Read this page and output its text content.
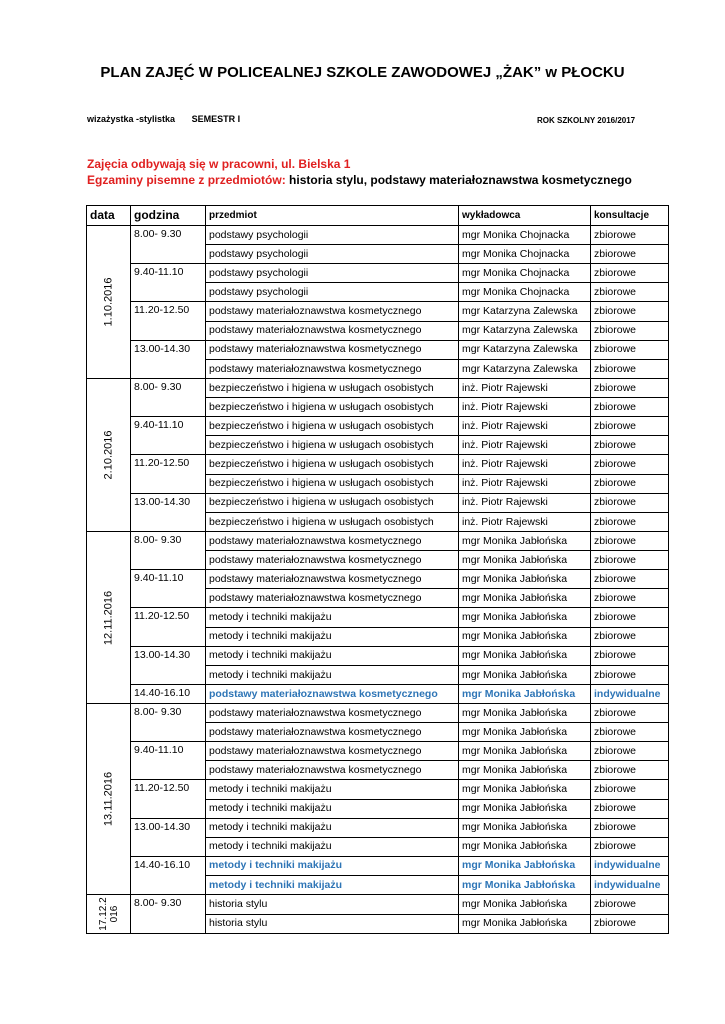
PLAN ZAJĘĆ W POLICEALNEJ SZKOLE ZAWODOWEJ „ŻAK” w PŁOCKU
wizażystka -stylistka SEMESTR I	ROK SZKOLNY 2016/2017
Zajęcia odbywają się w pracowni, ul. Bielska 1
Egzaminy pisemne z przedmiotów: historia stylu, podstawy materiałoznawstwa kosmetycznego
data	godzina	przedmiot	wykładowca	konsultacje

1.10.2016	8.00- 9.30	podstawy psychologii	mgr Monika Chojnacka	zbiorowe
		podstawy psychologii	mgr Monika Chojnacka	zbiorowe
	9.40-11.10	podstawy psychologii	mgr Monika Chojnacka	zbiorowe
		podstawy psychologii	mgr Monika Chojnacka	zbiorowe
	11.20-12.50	podstawy materiałoznawstwa kosmetycznego	mgr Katarzyna Zalewska	zbiorowe
		podstawy materiałoznawstwa kosmetycznego	mgr Katarzyna Zalewska	zbiorowe
	13.00-14.30	podstawy materiałoznawstwa kosmetycznego	mgr Katarzyna Zalewska	zbiorowe
		podstawy materiałoznawstwa kosmetycznego	mgr Katarzyna Zalewska	zbiorowe

2.10.2016	8.00- 9.30	bezpieczeństwo i higiena w usługach osobistych	inż. Piotr Rajewski	zbiorowe
		bezpieczeństwo i higiena w usługach osobistych	inż. Piotr Rajewski	zbiorowe
	9.40-11.10	bezpieczeństwo i higiena w usługach osobistych	inż. Piotr Rajewski	zbiorowe
		bezpieczeństwo i higiena w usługach osobistych	inż. Piotr Rajewski	zbiorowe
	11.20-12.50	bezpieczeństwo i higiena w usługach osobistych	inż. Piotr Rajewski	zbiorowe
		bezpieczeństwo i higiena w usługach osobistych	inż. Piotr Rajewski	zbiorowe
	13.00-14.30	bezpieczeństwo i higiena w usługach osobistych	inż. Piotr Rajewski	zbiorowe
		bezpieczeństwo i higiena w usługach osobistych	inż. Piotr Rajewski	zbiorowe

12.11.2016	8.00- 9.30	podstawy materiałoznawstwa kosmetycznego	mgr Monika Jabłońska	zbiorowe
		podstawy materiałoznawstwa kosmetycznego	mgr Monika Jabłońska	zbiorowe
	9.40-11.10	podstawy materiałoznawstwa kosmetycznego	mgr Monika Jabłońska	zbiorowe
		podstawy materiałoznawstwa kosmetycznego	mgr Monika Jabłońska	zbiorowe
	11.20-12.50	metody i techniki makijażu	mgr Monika Jabłońska	zbiorowe
		metody i techniki makijażu	mgr Monika Jabłońska	zbiorowe
	13.00-14.30	metody i techniki makijażu	mgr Monika Jabłońska	zbiorowe
		metody i techniki makijażu	mgr Monika Jabłońska	zbiorowe
	14.40-16.10	podstawy materiałoznawstwa kosmetycznego	mgr Monika Jabłońska	indywidualne

13.11.2016	8.00- 9.30	podstawy materiałoznawstwa kosmetycznego	mgr Monika Jabłońska	zbiorowe
		podstawy materiałoznawstwa kosmetycznego	mgr Monika Jabłońska	zbiorowe
	9.40-11.10	podstawy materiałoznawstwa kosmetycznego	mgr Monika Jabłońska	zbiorowe
		podstawy materiałoznawstwa kosmetycznego	mgr Monika Jabłońska	zbiorowe
	11.20-12.50	metody i techniki makijażu	mgr Monika Jabłońska	zbiorowe
		metody i techniki makijażu	mgr Monika Jabłońska	zbiorowe
	13.00-14.30	metody i techniki makijażu	mgr Monika Jabłońska	zbiorowe
		metody i techniki makijażu	mgr Monika Jabłońska	zbiorowe
	14.40-16.10	metody i techniki makijażu	mgr Monika Jabłońska	indywidualne
		metody i techniki makijażu	mgr Monika Jabłońska	indywidualne

17.12.2
016	8.00- 9.30	historia stylu	mgr Monika Jabłońska	zbiorowe
		historia stylu	mgr Monika Jabłońska	zbiorowe
